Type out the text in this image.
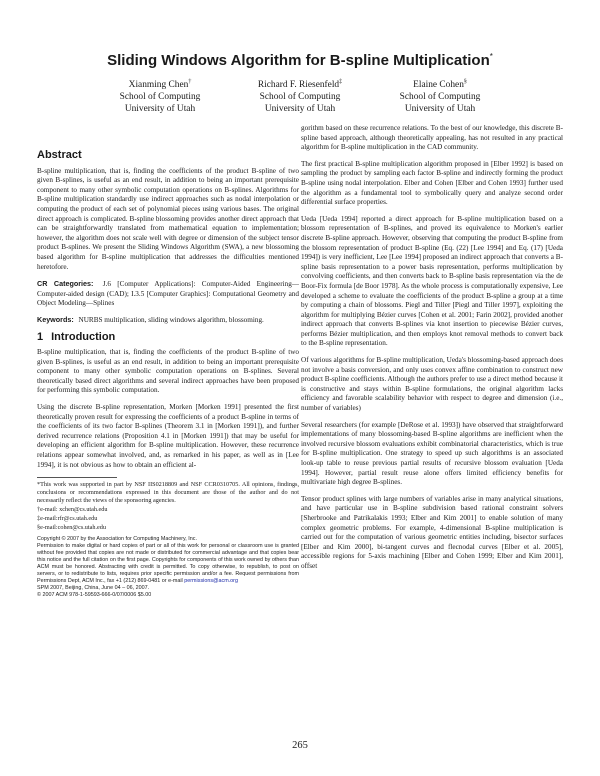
Sliding Windows Algorithm for B-spline Multiplication*
Xianming Chen†
School of Computing
University of Utah
Richard F. Riesenfeld‡
School of Computing
University of Utah
Elaine Cohen§
School of Computing
University of Utah
Abstract

B-spline multiplication, that is, finding the coefficients of the product B-spline of two given B-splines, is useful as an end result, in addition to being an important prerequisite component to many other symbolic computation operations on B-splines. Algorithms for B-spline multiplication standardly use indirect approaches such as nodal interpolation or computing the product of each set of polynomial pieces using various bases. The original direct approach is complicated. B-spline blossoming provides another direct approach that can be straightforwardly translated from mathematical equation to implementation; however, the algorithm does not scale well with degree or dimension of the subject tensor product B-splines. We present the Sliding Windows Algorithm (SWA), a new blossoming based algorithm for B-spline multiplication that addresses the difficulties mentioned heretofore.

CR Categories: J.6 [Computer Applications]: Computer-Aided Engineering—Computer-aided design (CAD); I.3.5 [Computer Graphics]: Computational Geometry and Object Modeling—Splines

Keywords: NURBS multiplication, sliding windows algorithm, blossoming.

1 Introduction

B-spline multiplication, that is, finding the coefficients of the product B-spline of two given B-splines, is useful as an end result, in addition to being an important prerequisite component to many other symbolic computation operations on B-splines. Several theoretically based direct algorithms and several indirect approaches have been proposed for performing this symbolic computation.

Using the discrete B-spline representation, Morken [Morken 1991] presented the first theoretically proven result for expressing the coefficients of a product B-spline in terms of the coefficients of its two factor B-splines (Theorem 3.1 in [Morken 1991]), and further derived recurrence relations (Proposition 4.1 in [Morken 1991]) that may be useful for developing an efficient algorithm for B-spline multiplication. However, these recurrence relations appear somewhat involved, and, as remarked in his paper, as well as in [Lee 1994], it is not obvious as how to obtain an efficient al-

*This work was supported in part by NSF IIS0218809 and NSF CCR0310705. All opinions, findings, conclusions or recommendations expressed in this document are those of the author and do not necessarily reflect the views of the sponsoring agencies.

†e-mail: xchen@cs.utah.edu

‡e-mail:rfr@cs.utah.edu

§e-mail:cohen@cs.utah.edu

Copyright © 2007 by the Association for Computing Machinery, Inc.

Permission to make digital or hard copies of part or all of this work for personal or classroom use is granted without fee provided that copies are not made or distributed for commercial advantage and that copies bear this notice and the full citation on the first page. Copyrights for components of this work owned by others than ACM must be honored. Abstracting with credit is permitted. To copy otherwise, to republish, to post on servers, or to redistribute to lists, requires prior specific permission and/or a fee. Request permissions from Permissions Dept, ACM Inc., fax +1 (212) 869-0481 or e-mail permissions@acm.org

SPM 2007, Beijing, China, June 04 – 06, 2007.

© 2007 ACM 978-1-59593-666-0/07/0006 $5.00

gorithm based on these recurrence relations. To the best of our knowledge, this discrete B-spline based approach, although theoretically appealing, has not resulted in any practical algorithm for B-spline multiplication in the CAD community.

The first practical B-spline multiplication algorithm proposed in [Elber 1992] is based on sampling the product by sampling each factor B-spline and indirectly forming the product B-spline using nodal interpolation. Elber and Cohen [Elber and Cohen 1993] further used the algorithm as a fundamental tool to symbolically query and analyze second order differential surface properties.

Ueda [Ueda 1994] reported a direct approach for B-spline multiplication based on a blossom representation of B-splines, and proved its equivalence to Morken's earlier discrete B-spline approach. However, observing that computing the product B-spline from the blossom representation of product B-spline (Eq. (22) [Lee 1994] and Eq. (17) [Ueda 1994]) is very inefficient, Lee [Lee 1994] proposed an indirect approach that converts a B-spline basis representation to a power basis representation, performs multiplication by convolving coefficients, and then converts back to B-spline basis representation via the de Boor-Fix formula [de Boor 1978]. As the whole process is computationally expensive, Lee developed a scheme to evaluate the coefficients of the product B-spline a group at a time by computing a chain of blossoms. Piegl and Tiller [Piegl and Tiller 1997], exploiting the algorithm for multiplying Bézier curves [Cohen et al. 2001; Farin 2002], provided another indirect approach that converts B-splines via knot insertion to piecewise Bézier curves, performs Bézier multiplication, and then employs knot removal methods to convert back to the B-spline representation.

Of various algorithms for B-spline multiplication, Ueda's blossoming-based approach does not involve a basis conversion, and only uses convex affine combination to construct new product B-spline coefficients. Although the authors prefer to use a direct method because it is constructive and stays within B-spline formulations, the original algorithm lacks efficiency and favorable scalability behavior with respect to degree and dimension (i.e., number of variables)

Several researchers (for example [DeRose et al. 1993]) have observed that straightforward implementations of many blossoming-based B-spline algorithms are inefficient when the involved recursive blossom evaluations exhibit combinatorial characteristics, which is true for B-spline multiplication. One strategy to speed up such algorithms is an associated look-up table to reuse previous partial results of recursive blossom evaluation [Ueda 1994]. However, partial result reuse alone offers limited efficiency benefits for multivariate high degree B-splines.

Tensor product splines with large numbers of variables arise in many analytical situations, and have particular use in B-spline subdivision based rational constraint solvers [Sherbrooke and Patrikalakis 1993; Elber and Kim 2001] to enable solution of many complex geometric problems. For example, 4-dimensional B-spline multiplication is carried out for the computation of various geometric entities including, bisector surfaces [Elber and Kim 2000], bi-tangent curves and flecnodal curves [Elber et al. 2005], accessible regions for 5-axis machining [Elber and Cohen 1999; Elber and Kim 2001], offset

265
